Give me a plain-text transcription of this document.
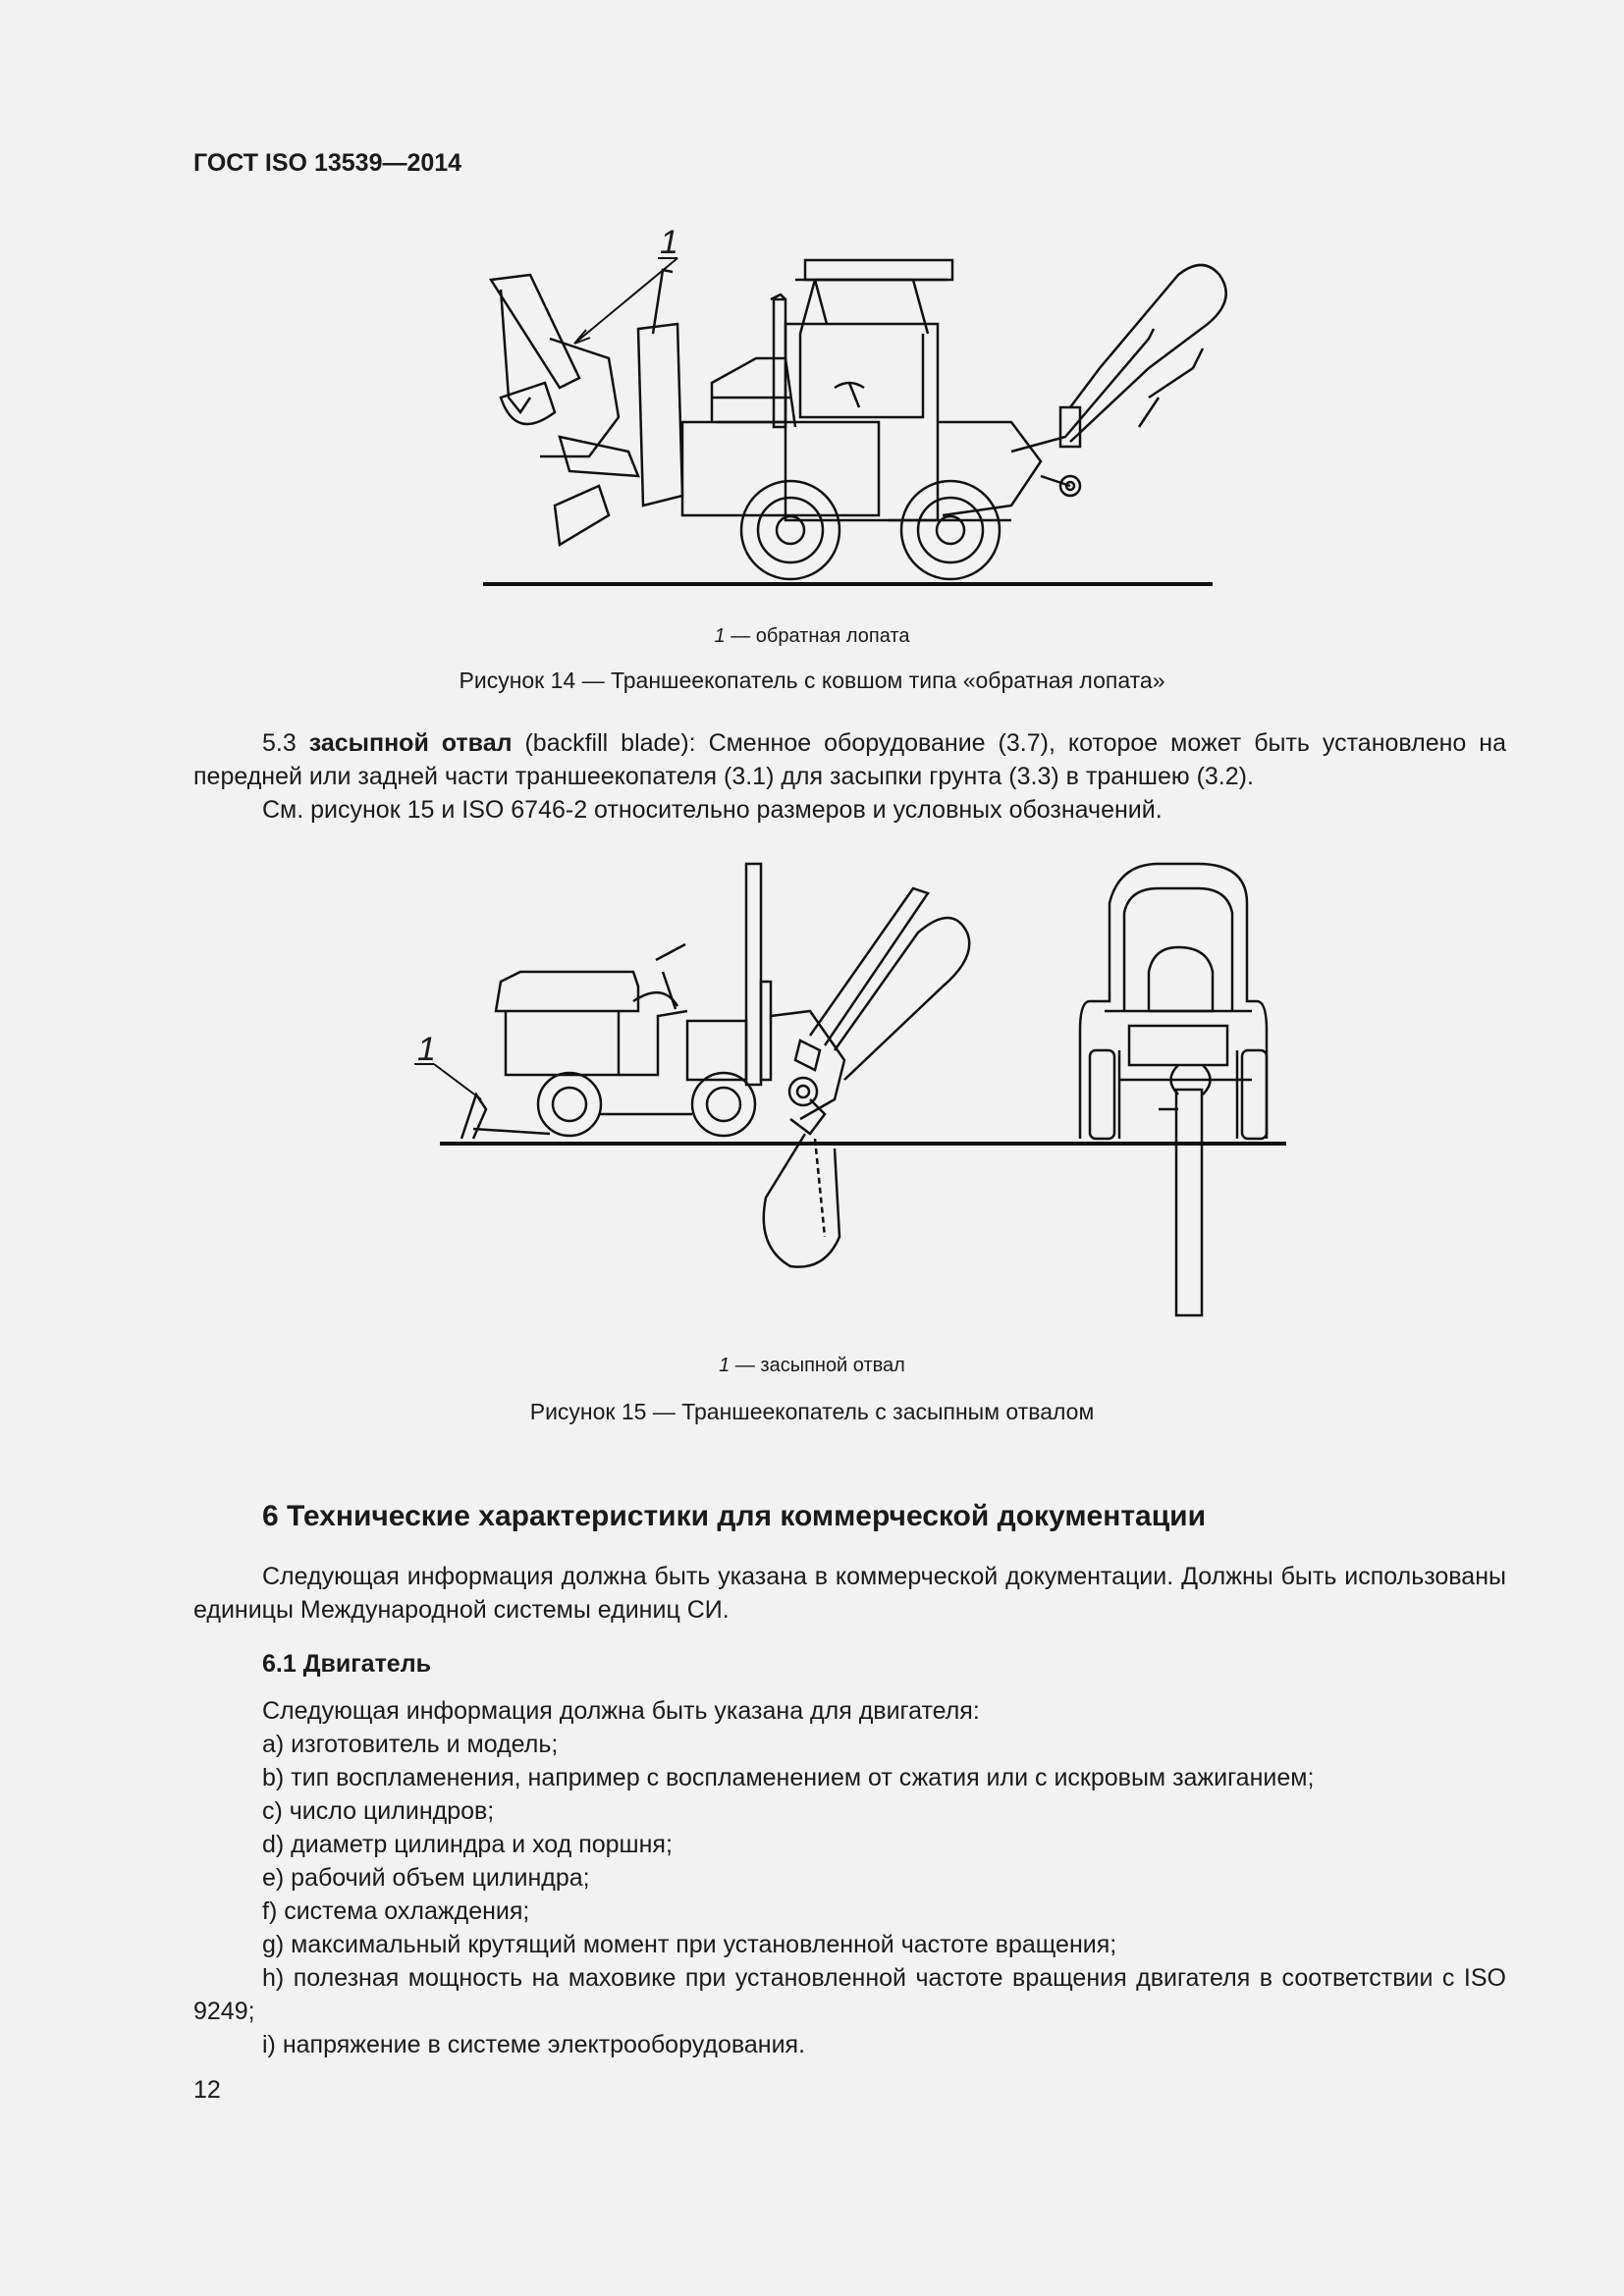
ГОСТ ISO 13539—2014
1
1 — обратная лопата
Рисунок 14 — Траншеекопатель с ковшом типа «обратная лопата»
5.3 засыпной отвал (backfill blade): Сменное оборудование (3.7), которое может быть установлено на передней или задней части траншеекопателя (3.1) для засыпки грунта (3.3) в траншею (3.2).
См. рисунок 15 и ISO 6746-2 относительно размеров и условных обозначений.
1
1 — засыпной отвал
Рисунок 15 — Траншеекопатель с засыпным отвалом
6 Технические характеристики для коммерческой документации
Следующая информация должна быть указана в коммерческой документации. Должны быть использованы единицы Международной системы единиц СИ.
6.1 Двигатель
Следующая информация должна быть указана для двигателя:
a) изготовитель и модель;
b) тип воспламенения, например с воспламенением от сжатия или с искровым зажиганием;
c) число цилиндров;
d) диаметр цилиндра и ход поршня;
e) рабочий объем цилиндра;
f) система охлаждения;
g) максимальный крутящий момент при установленной частоте вращения;
h) полезная мощность на маховике при установленной частоте вращения двигателя в соответствии с ISO 9249;
i) напряжение в системе электрооборудования.
12
